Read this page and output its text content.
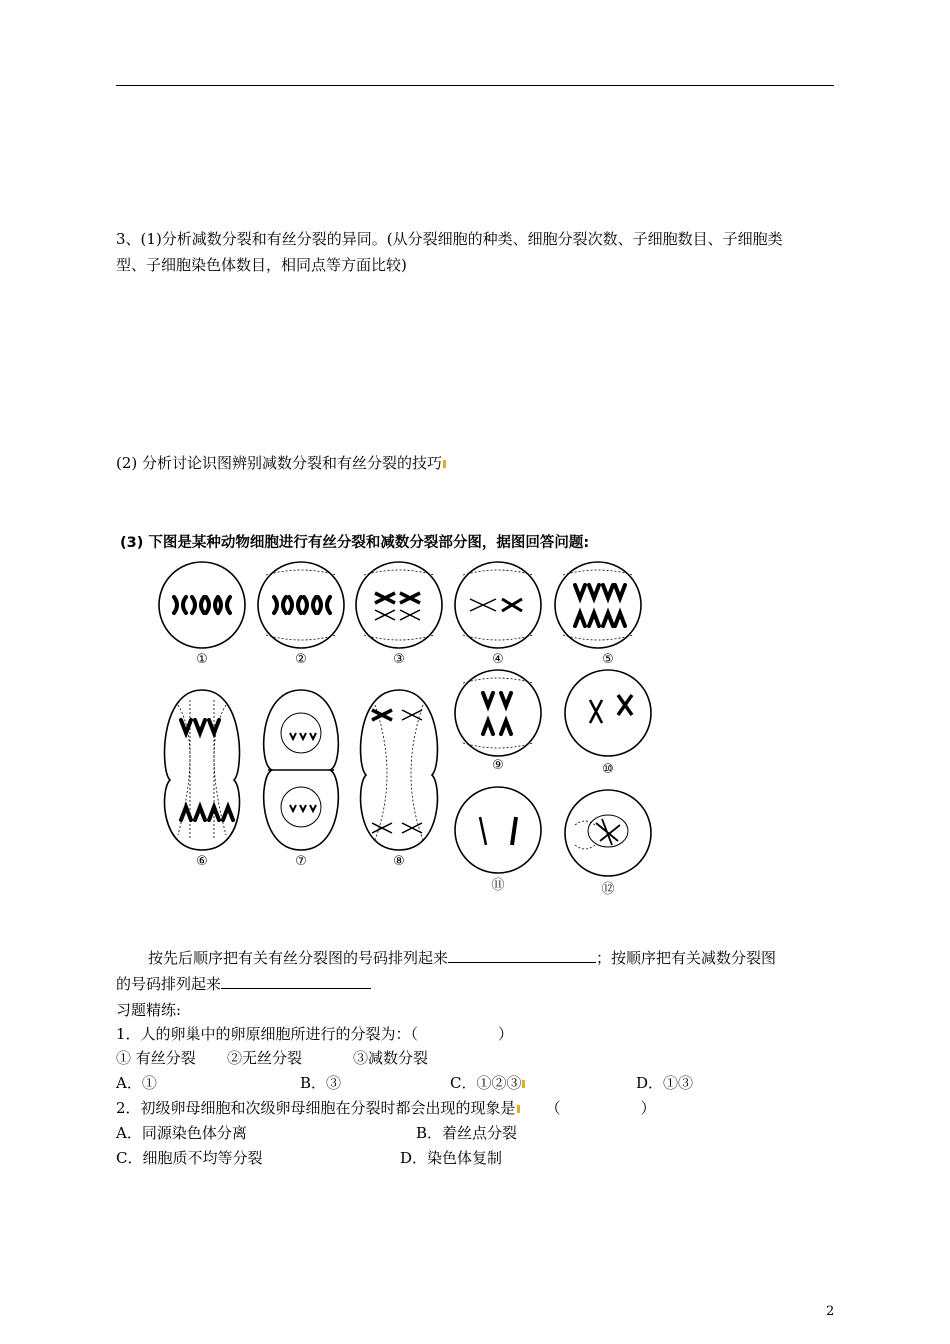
3、(1)分析减数分裂和有丝分裂的异同。(从分裂细胞的种类、细胞分裂次数、子细胞数目、子细胞类
型、子细胞染色体数目，相同点等方面比较)
(2) 分析讨论识图辨别减数分裂和有丝分裂的技巧
(3) 下图是某种动物细胞进行有丝分裂和减数分裂部分图，据图回答问题:
①	②	③	④	⑤
⑥	⑦	⑧
⑨	⑩
⑪	⑫
按先后顺序把有关有丝分裂图的号码排列起来	；按顺序把有关减数分裂图
的号码排列起来
习题精练:
1．人的卵巢中的卵原细胞所进行的分裂为：（	）
① 有丝分裂 ②无丝分裂	③减数分裂
A．①	B．③	C．①②③	D．①③
2．初级卵母细胞和次级卵母细胞在分裂时都会出现的现象是 （	）
A．同源染色体分离	B．着丝点分裂
C．细胞质不均等分裂	D．染色体复制
2
